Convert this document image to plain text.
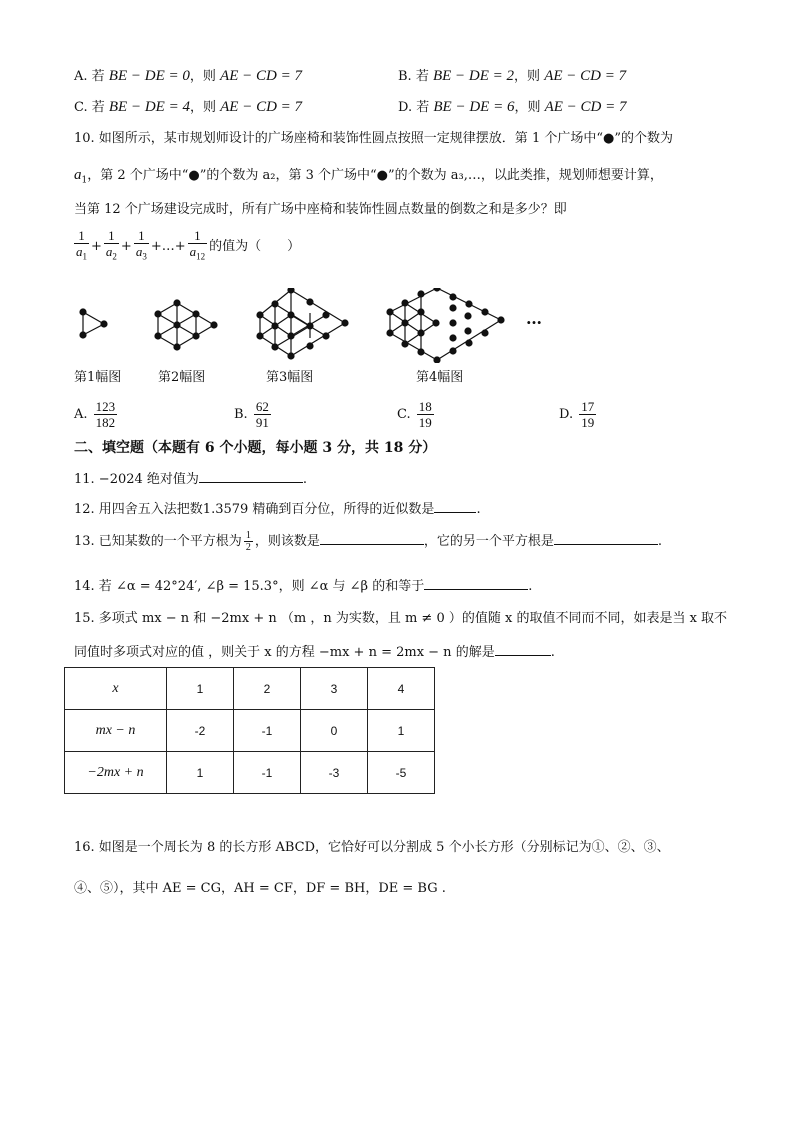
A. 若 BE − DE = 0，则 AE − CD = 7	B. 若 BE − DE = 2，则 AE − CD = 7
C. 若 BE − DE = 4，则 AE − CD = 7	D. 若 BE − DE = 6，则 AE − CD = 7
10. 如图所示，某市规划师设计的广场座椅和装饰性圆点按照一定规律摆放．第 1 个广场中“●”的个数为
$a_1$，第 2 个广场中“●”的个数为 a₂，第 3 个广场中“●”的个数为 a₃,…，以此类推，规划师想要计算，
当第 12 个广场建设完成时，所有广场中座椅和装饰性圆点数量的倒数之和是多少？即
$\frac{1}{a_1} + \frac{1}{a_2} + \frac{1}{a_3}$ +…+ $\frac{1}{a_{12}}$ 的值为（　　）
…
第1幅图	第2幅图	第3幅图	第4幅图
A. $\frac{123}{182}$	B. $\frac{62}{91}$	C. $\frac{18}{19}$	D. $\frac{17}{19}$
二、填空题（本题有 6 个小题，每小题 3 分，共 18 分）
11. −2024 绝对值为	.
12. 用四舍五入法把数1.3579 精确到百分位，所得的近似数是	.
13. 已知某数的一个平方根为 $\frac{1}{2}$ ，则该数是	，它的另一个平方根是	.
14. 若 ∠α = 42°24′, ∠β = 15.3°，则 ∠α 与 ∠β 的和等于	.
15. 多项式 mx − n 和 −2mx + n （m ，n 为实数，且 m ≠ 0 ）的值随 x 的取值不同而不同，如表是当 x 取不
同值时多项式对应的值 ，则关于 x 的方程 −mx + n = 2mx − n 的解是	.
x	1	2	3	4
mx − n	-2	-1	0	1
−2mx + n	1	-1	-3	-5
16. 如图是一个周长为 8 的长方形 ABCD，它恰好可以分割成 5 个小长方形（分别标记为①、②、③、
④、⑤），其中 AE = CG，AH = CF，DF = BH，DE = BG .
